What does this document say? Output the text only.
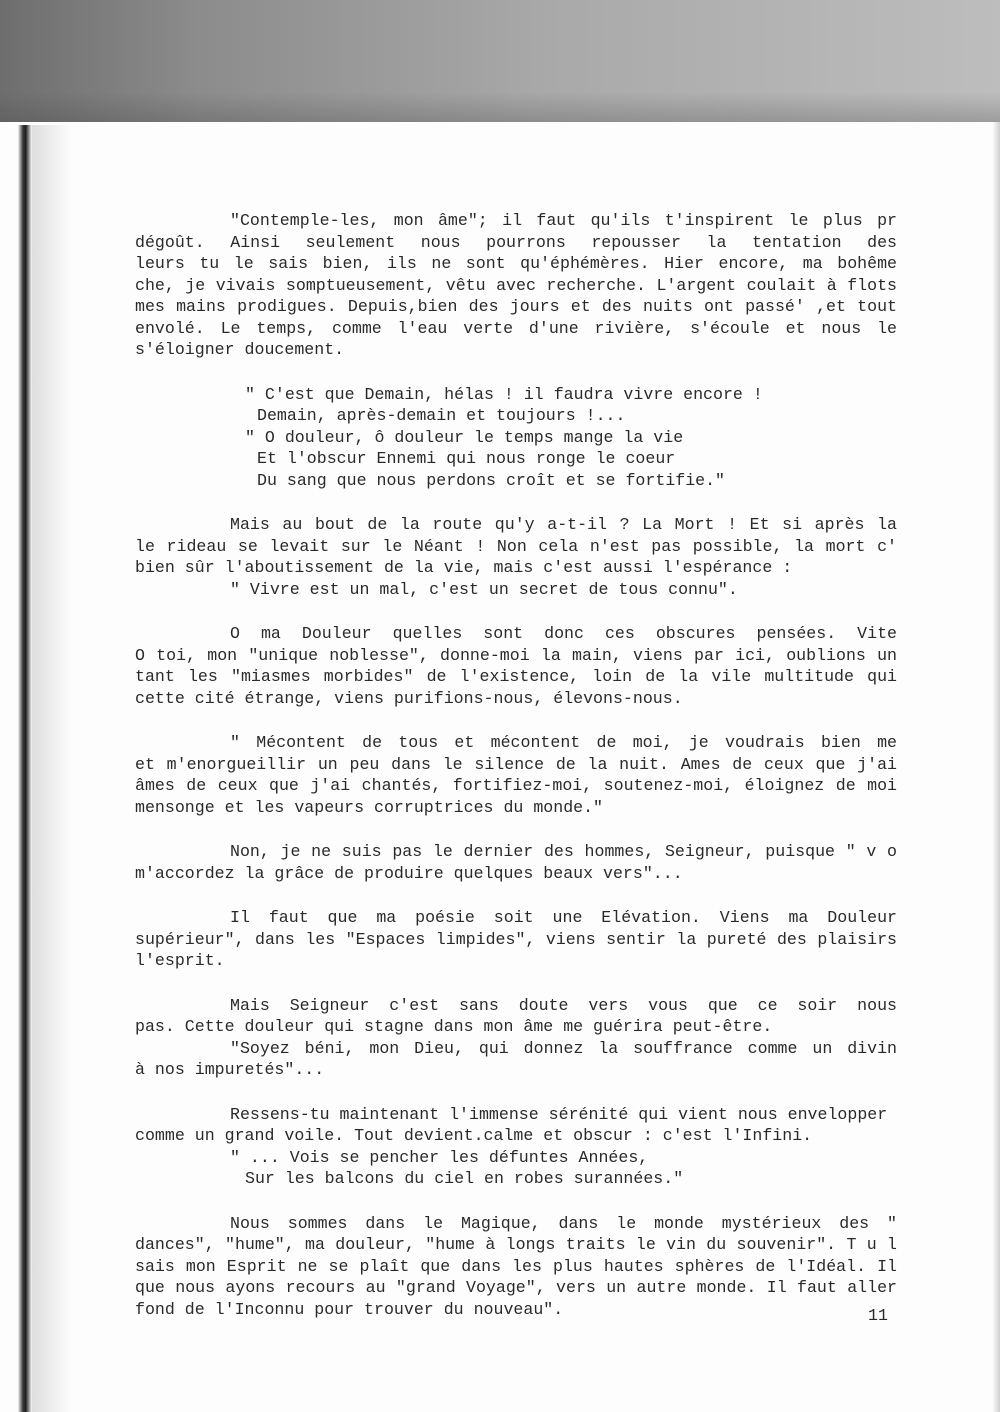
"Contemple-les, mon âme"; il faut qu'ils t'inspirent le plus pr
dégoût. Ainsi seulement nous pourrons repousser la tentation des
leurs tu le sais bien, ils ne sont qu'éphémères. Hier encore, ma bohême
che, je vivais somptueusement, vêtu avec recherche. L'argent coulait à flots
mes mains prodigues. Depuis,bien des jours et des nuits ont passé' ,et tout
envolé. Le temps, comme l'eau verte d'une rivière, s'écoule et nous le
s'éloigner doucement.
" C'est que Demain, hélas ! il faudra vivre encore !
Demain, après-demain et toujours !...
" O douleur, ô douleur le temps mange la vie
Et l'obscur Ennemi qui nous ronge le coeur
Du sang que nous perdons croît et se fortifie."
Mais au bout de la route qu'y a-t-il ? La Mort ! Et si après la
le rideau se levait sur le Néant ! Non cela n'est pas possible, la mort c'
bien sûr l'aboutissement de la vie, mais c'est aussi l'espérance :
" Vivre est un mal, c'est un secret de tous connu".
O ma Douleur quelles sont donc ces obscures pensées. Vite
O toi, mon "unique noblesse", donne-moi la main, viens par ici, oublions un
tant les "miasmes morbides" de l'existence, loin de la vile multitude qui
cette cité étrange, viens purifions-nous, élevons-nous.
" Mécontent de tous et mécontent de moi, je voudrais bien me
et m'enorgueillir un peu dans le silence de la nuit. Ames de ceux que j'ai
âmes de ceux que j'ai chantés, fortifiez-moi, soutenez-moi, éloignez de moi
mensonge et les vapeurs corruptrices du monde."
Non, je ne suis pas le dernier des hommes, Seigneur, puisque " v o
m'accordez la grâce de produire quelques beaux vers"...
Il faut que ma poésie soit une Elévation. Viens ma Douleur
supérieur", dans les "Espaces limpides", viens sentir la pureté des plaisirs
l'esprit.
Mais Seigneur c'est sans doute vers vous que ce soir nous
pas. Cette douleur qui stagne dans mon âme me guérira peut-être.
"Soyez béni, mon Dieu, qui donnez la souffrance comme un divin
à nos impuretés"...
Ressens-tu maintenant l'immense sérénité qui vient nous envelopper
comme un grand voile. Tout devient.calme et obscur : c'est l'Infini.
" ... Vois se pencher les défuntes Années,
Sur les balcons du ciel en robes surannées."
Nous sommes dans le Magique, dans le monde mystérieux des "
dances", "hume", ma douleur, "hume à longs traits le vin du souvenir". T u l
sais mon Esprit ne se plaît que dans les plus hautes sphères de l'Idéal. Il
que nous ayons recours au "grand Voyage", vers un autre monde. Il faut aller
fond de l'Inconnu pour trouver du nouveau".	11
